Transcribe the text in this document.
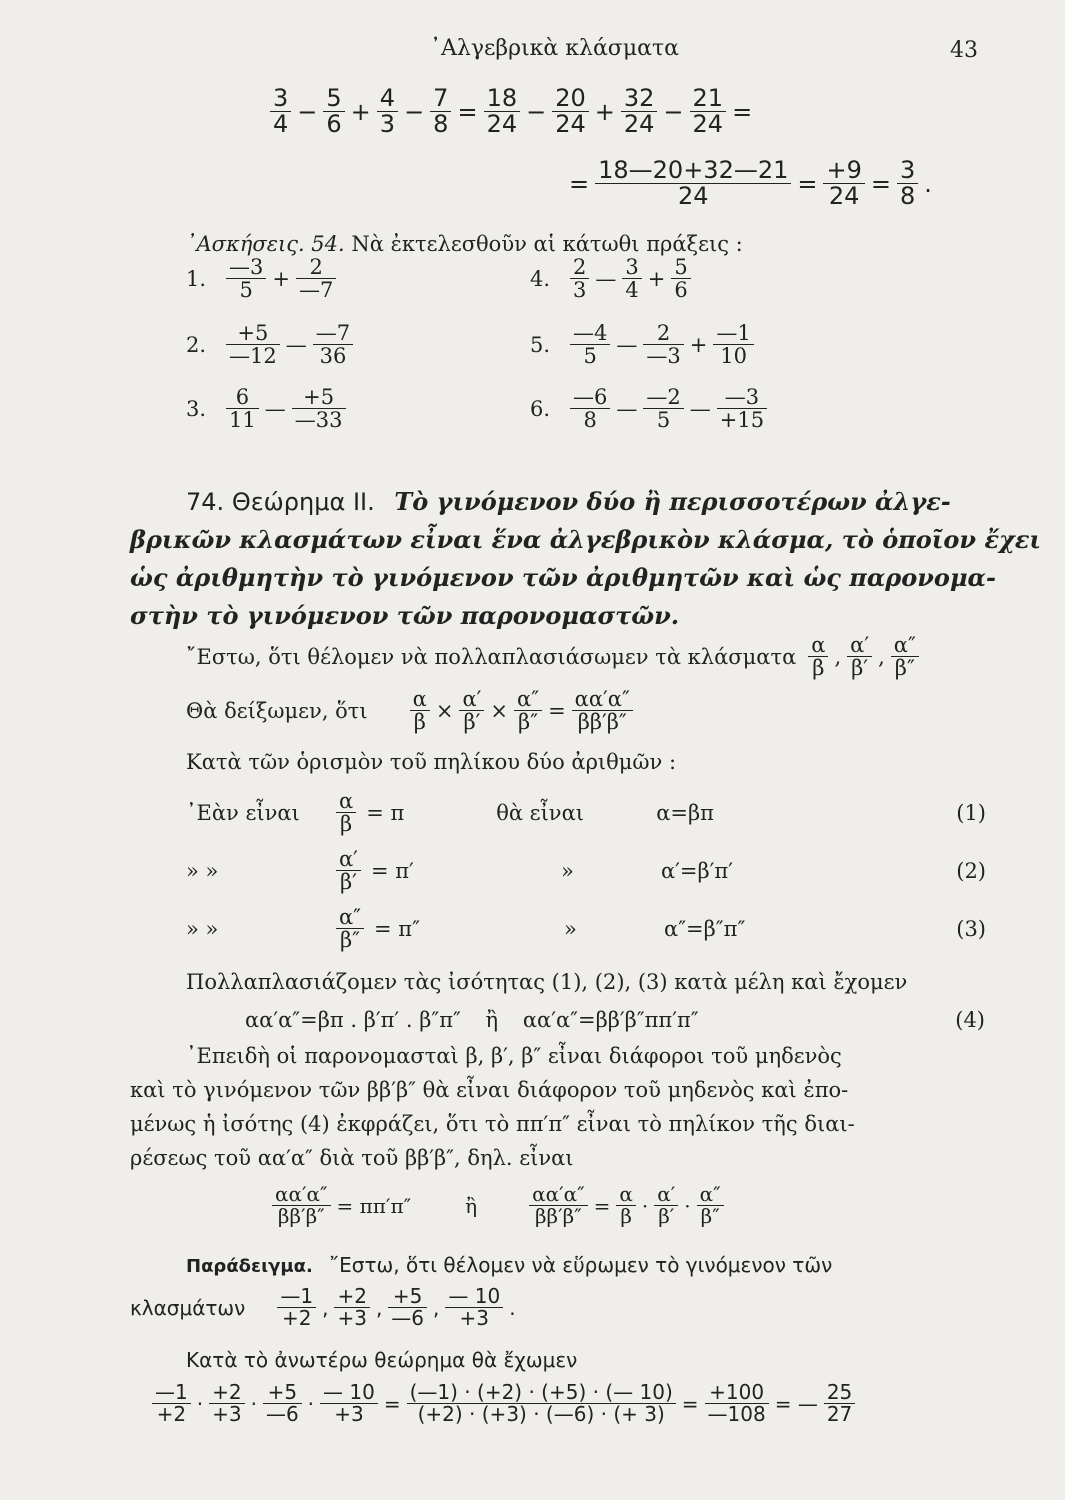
᾿Αλγεβρικὰ κλάσματα	43
$\frac{3}{4} - \frac{5}{6} + \frac{4}{3} - \frac{7}{8} = \frac{18}{24} - \frac{20}{24} + \frac{32}{24} - \frac{21}{24}$ =
= $\frac{18—20+32—21}{24} = \frac{+9}{24} = \frac{3}{8}$ .
᾿Ασκήσεις. 54. Νὰ ἐκτελεσθοῦν αἱ κάτωθι πράξεις :
1. $\frac{—3}{5} + \frac{2}{—7}$
2. $\frac{+5}{—12}$ — $\frac{—7}{36}$
3. $\frac{6}{11}$ — $\frac{+5}{—33}$
4. $\frac{2}{3}$ — $\frac{3}{4} + \frac{5}{6}$
5. $\frac{—4}{5}$ — $\frac{2}{—3} + \frac{—1}{10}$
6. $\frac{—6}{8}$ — $\frac{—2}{5}$ — $\frac{—3}{+15}$
74. Θεώρημα ΙΙ. Τὸ γινόμενον δύο ἢ περισσοτέρων ἀλγε-
βρικῶν κλασμάτων εἶναι ἕνα ἀλγεβρικὸν κλάσμα, τὸ ὁποῖον ἔχει
ὡς ἀριθμητὴν τὸ γινόμενον τῶν ἀριθμητῶν καὶ ὡς παρονομα-
στὴν τὸ γινόμενον τῶν παρονομαστῶν.
῎Εστω, ὅτι θέλομεν νὰ πολλαπλασιάσωμεν τὰ κλάσματα $\frac{\alpha}{\beta}$ , $\frac{\alpha'}{\beta'}$ , $\frac{\alpha''}{\beta''}$
Θὰ δείξωμεν, ὅτι $\frac{\alpha}{\beta} \times \frac{\alpha'}{\beta'} \times \frac{\alpha''}{\beta''} = \frac{\alpha\alpha'\alpha''}{\beta\beta'\beta''}$
Κατὰ τῶν ὁρισμὸν τοῦ πηλίκου δύο ἀριθμῶν :
᾿Εὰν εἶναι	$\frac{\alpha}{\beta} = \pi$	θὰ εἶναι	α=βπ	(1)
» »	$\frac{\alpha'}{\beta'} = \pi'$	»	α′=β′π′	(2)
» »	$\frac{\alpha''}{\beta''} = \pi''$	»	α″=β″π″	(3)
Πολλαπλασιάζομεν τὰς ἰσότητας (1), (2), (3) κατὰ μέλη καὶ ἔχομεν
αα′α″=βπ . β′π′ . β″π″ ἢ αα′α″=ββ′β″ππ′π″	(4)
᾿Επειδὴ οἱ παρονομασταὶ β, β′, β″ εἶναι διάφοροι τοῦ μηδενὸς
καὶ τὸ γινόμενον τῶν ββ′β″ θὰ εἶναι διάφορον τοῦ μηδενὸς καὶ ἐπο-
μένως ἡ ἰσότης (4) ἐκφράζει, ὅτι τὸ ππ′π″ εἶναι τὸ πηλίκον τῆς διαι-
ρέσεως τοῦ αα′α″ διὰ τοῦ ββ′β″, δηλ. εἶναι
$\frac{\alpha\alpha'\alpha''}{\beta\beta'\beta''} = \pi\pi'\pi''$	ἢ	$\frac{\alpha\alpha'\alpha''}{\beta\beta'\beta''} = \frac{\alpha}{\beta} \cdot \frac{\alpha'}{\beta'} \cdot \frac{\alpha''}{\beta''}$
Παράδειγμα. ῎Εστω, ὅτι θέλομεν νὰ εὕρωμεν τὸ γινόμενον τῶν
κλασμάτων $\frac{—1}{+2}$ , $\frac{+2}{+3}$ , $\frac{+5}{—6}$ , $\frac{— 10}{+3}$ .
Κατὰ τὸ ἀνωτέρω θεώρημα θὰ ἔχωμεν
$\frac{—1}{+2} \cdot \frac{+2}{+3} \cdot \frac{+5}{—6} \cdot \frac{— 10}{+3} = \frac{(—1) \cdot (+2) \cdot (+5) \cdot (— 10)}{(+2) \cdot (+3) \cdot (—6) \cdot (+ 3)} = \frac{+100}{—108}$ = — $\frac{25}{27}$
